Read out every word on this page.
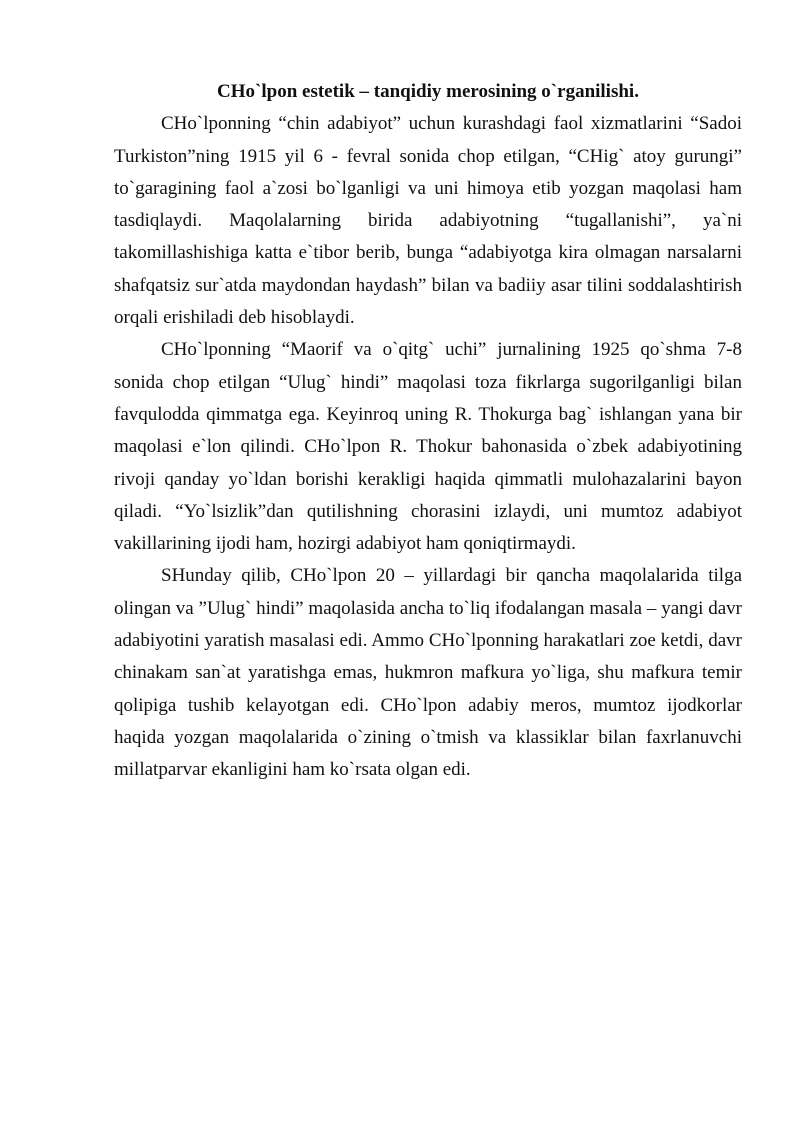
CHo`lpon estetik – tanqidiy merosining o`rganilishi.

CHo`lponning “chin adabiyot” uchun kurashdagi faol xizmatlarini “Sadoi Turkiston”ning 1915 yil 6 - fevral sonida chop etilgan, “CHig` atoy gurungi” to`garagining faol a`zosi bo`lganligi va uni himoya etib yozgan maqolasi ham tasdiqlaydi. Maqolalarning birida adabiyotning “tugallanishi”, ya`ni takomillashishiga katta e`tibor berib, bunga “adabiyotga kira olmagan narsalarni shafqatsiz sur`atda maydondan haydash” bilan va badiiy asar tilini soddalashtirish orqali erishiladi deb hisoblaydi.

CHo`lponning “Maorif va o`qitg` uchi” jurnalining 1925 qo`shma 7-8 sonida chop etilgan “Ulug` hindi” maqolasi toza fikrlarga sugorilganligi bilan favqulodda qimmatga ega. Keyinroq uning R. Thokurga bag` ishlangan yana bir maqolasi e`lon qilindi. CHo`lpon R. Thokur bahonasida o`zbek adabiyotining rivoji qanday yo`ldan borishi kerakligi haqida qimmatli mulohazalarini bayon qiladi. “Yo`lsizlik”dan qutilishning chorasini izlaydi, uni mumtoz adabiyot vakillarining ijodi ham, hozirgi adabiyot ham qoniqtirmaydi.

SHunday qilib, CHo`lpon 20 – yillardagi bir qancha maqolalarida tilga olingan va ”Ulug` hindi” maqolasida ancha to`liq ifodalangan masala – yangi davr adabiyotini yaratish masalasi edi. Ammo CHo`lponning harakatlari zoe ketdi, davr chinakam san`at yaratishga emas, hukmron mafkura yo`liga, shu mafkura temir qolipiga tushib kelayotgan edi. CHo`lpon adabiy meros, mumtoz ijodkorlar haqida yozgan maqolalarida o`zining o`tmish va klassiklar bilan faxrlanuvchi millatparvar ekanligini ham ko`rsata olgan edi.
